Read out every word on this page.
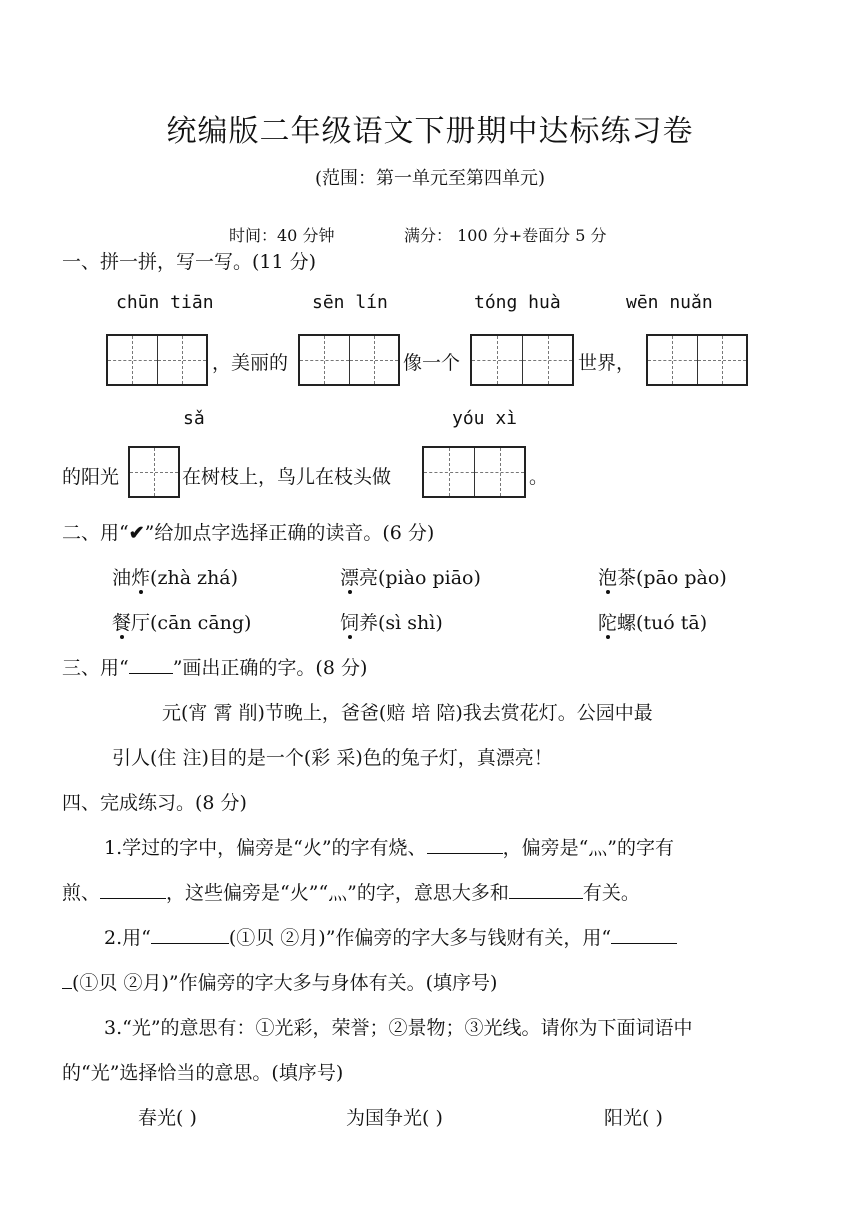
统编版二年级语文下册期中达标练习卷
(范围：第一单元至第四单元)
时间：40 分钟	满分： 100 分+卷面分 5 分
一、拼一拼，写一写。(11 分)
chūn tiān	sēn lín	tóng huà	wēn nuǎn
，美丽的	像一个	世界，
sǎ	yóu xì
的阳光	在树枝上，鸟儿在枝头做	。
二、用“✔”给加点字选择正确的读音。(6 分)
油炸(zhà zhá)	漂亮(piào piāo)	泡茶(pāo pào)
餐厅(cān cāng)	饲养(sì shì)	陀螺(tuó tā)
三、用“ ”画出正确的字。(8 分)
元(宵 霄 削)节晚上，爸爸(赔 培 陪)我去赏花灯。公园中最
引人(住 注)目的是一个(彩 采)色的兔子灯，真漂亮！
四、完成练习。(8 分)
1.学过的字中，偏旁是“火”的字有烧、	，偏旁是“灬”的字有
煎、	，这些偏旁是“火”“灬”的字，意思大多和	有关。
2.用“	(①贝 ②月)”作偏旁的字大多与钱财有关，用“
(①贝 ②月)”作偏旁的字大多与身体有关。(填序号)
3.“光”的意思有：①光彩，荣誉；②景物；③光线。请你为下面词语中
的“光”选择恰当的意思。(填序号)
春光( )	为国争光( )	阳光( )
